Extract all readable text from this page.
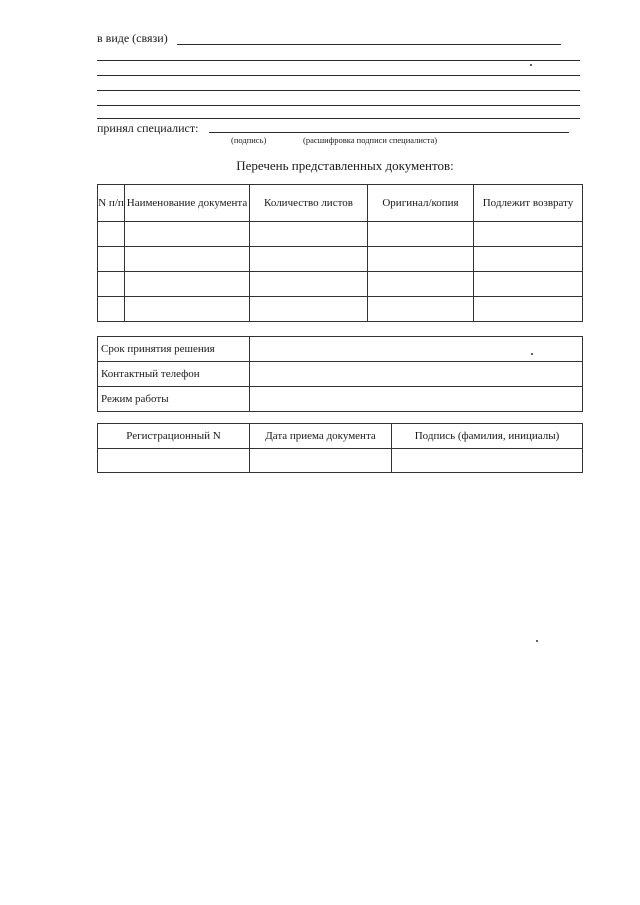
в виде (связи)
принял специалист:
(подпись)	(расшифровка подписи специалиста)
Перечень представленных документов:
N п/п	Наименование документа	Количество листов	Оригинал/копия	Подлежит возврату

Срок принятия решения	
Контактный телефон	
Режим работы	
Регистрационный N	Дата приема документа	Подпись (фамилия, инициалы)
